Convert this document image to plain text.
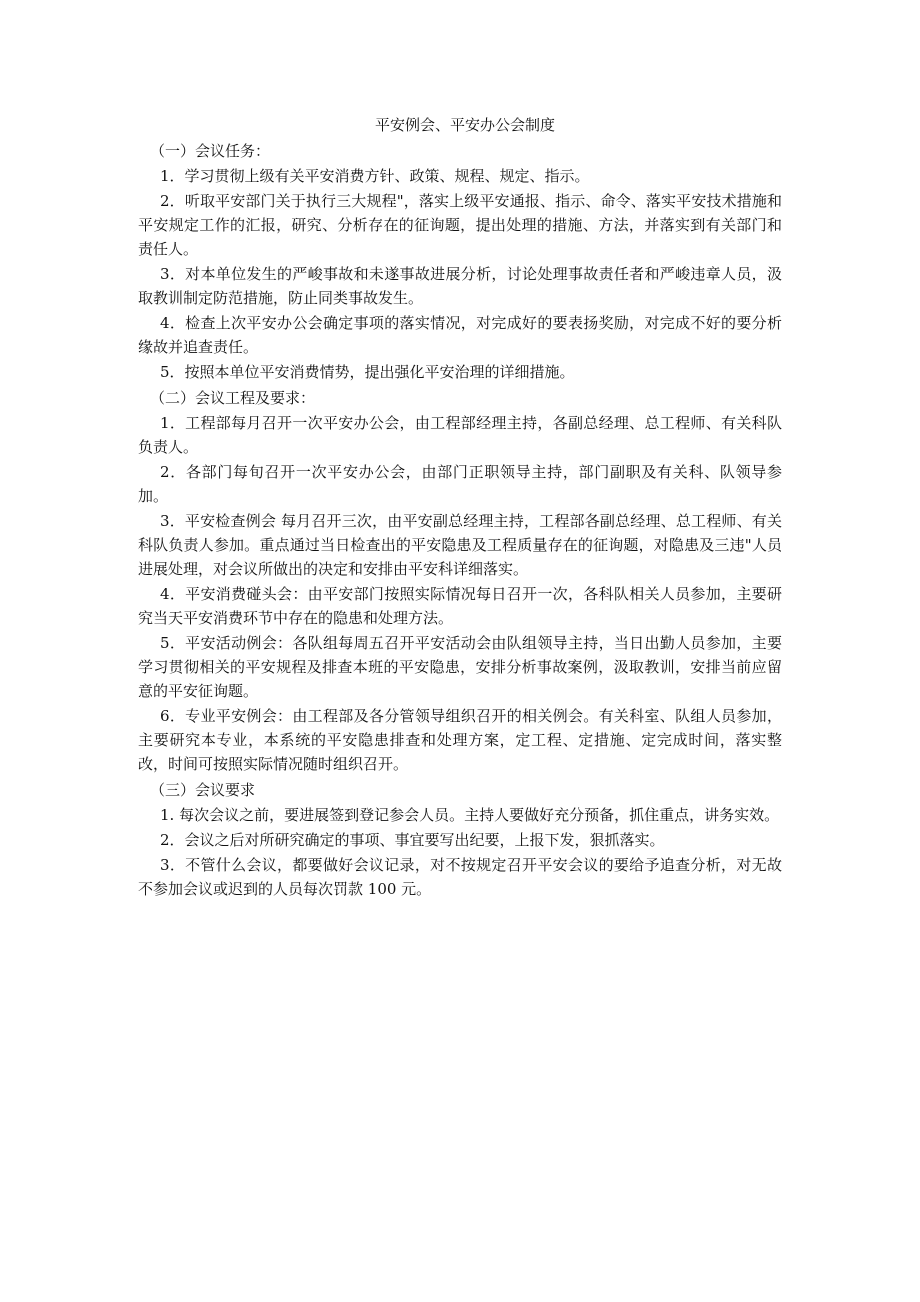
平安例会、平安办公会制度

（一）会议任务：

1．学习贯彻上级有关平安消费方针、政策、规程、规定、指示。

2．听取平安部门关于执行三大规程"，落实上级平安通报、指示、命令、落实平安技术措施和平安规定工作的汇报，研究、分析存在的征询题，提出处理的措施、方法，并落实到有关部门和责任人。

3．对本单位发生的严峻事故和未遂事故进展分析，讨论处理事故责任者和严峻违章人员，汲取教训制定防范措施，防止同类事故发生。

4．检查上次平安办公会确定事项的落实情况，对完成好的要表扬奖励，对完成不好的要分析缘故并追查责任。

5．按照本单位平安消费情势，提出强化平安治理的详细措施。

（二）会议工程及要求：

1．工程部每月召开一次平安办公会，由工程部经理主持，各副总经理、总工程师、有关科队负责人。

2．各部门每旬召开一次平安办公会，由部门正职领导主持，部门副职及有关科、队领导参加。

3．平安检查例会 每月召开三次，由平安副总经理主持，工程部各副总经理、总工程师、有关科队负责人参加。重点通过当日检查出的平安隐患及工程质量存在的征询题，对隐患及三违"人员进展处理，对会议所做出的决定和安排由平安科详细落实。

4．平安消费碰头会：由平安部门按照实际情况每日召开一次，各科队相关人员参加，主要研究当天平安消费环节中存在的隐患和处理方法。

5．平安活动例会：各队组每周五召开平安活动会由队组领导主持，当日出勤人员参加，主要学习贯彻相关的平安规程及排查本班的平安隐患，安排分析事故案例，汲取教训，安排当前应留意的平安征询题。

6．专业平安例会：由工程部及各分管领导组织召开的相关例会。有关科室、队组人员参加，主要研究本专业，本系统的平安隐患排查和处理方案，定工程、定措施、定完成时间，落实整改，时间可按照实际情况随时组织召开。

（三）会议要求

1. 每次会议之前，要进展签到登记参会人员。主持人要做好充分预备，抓住重点，讲务实效。

2．会议之后对所研究确定的事项、事宜要写出纪要，上报下发，狠抓落实。

3．不管什么会议，都要做好会议记录，对不按规定召开平安会议的要给予追查分析，对无故不参加会议或迟到的人员每次罚款 100 元。
